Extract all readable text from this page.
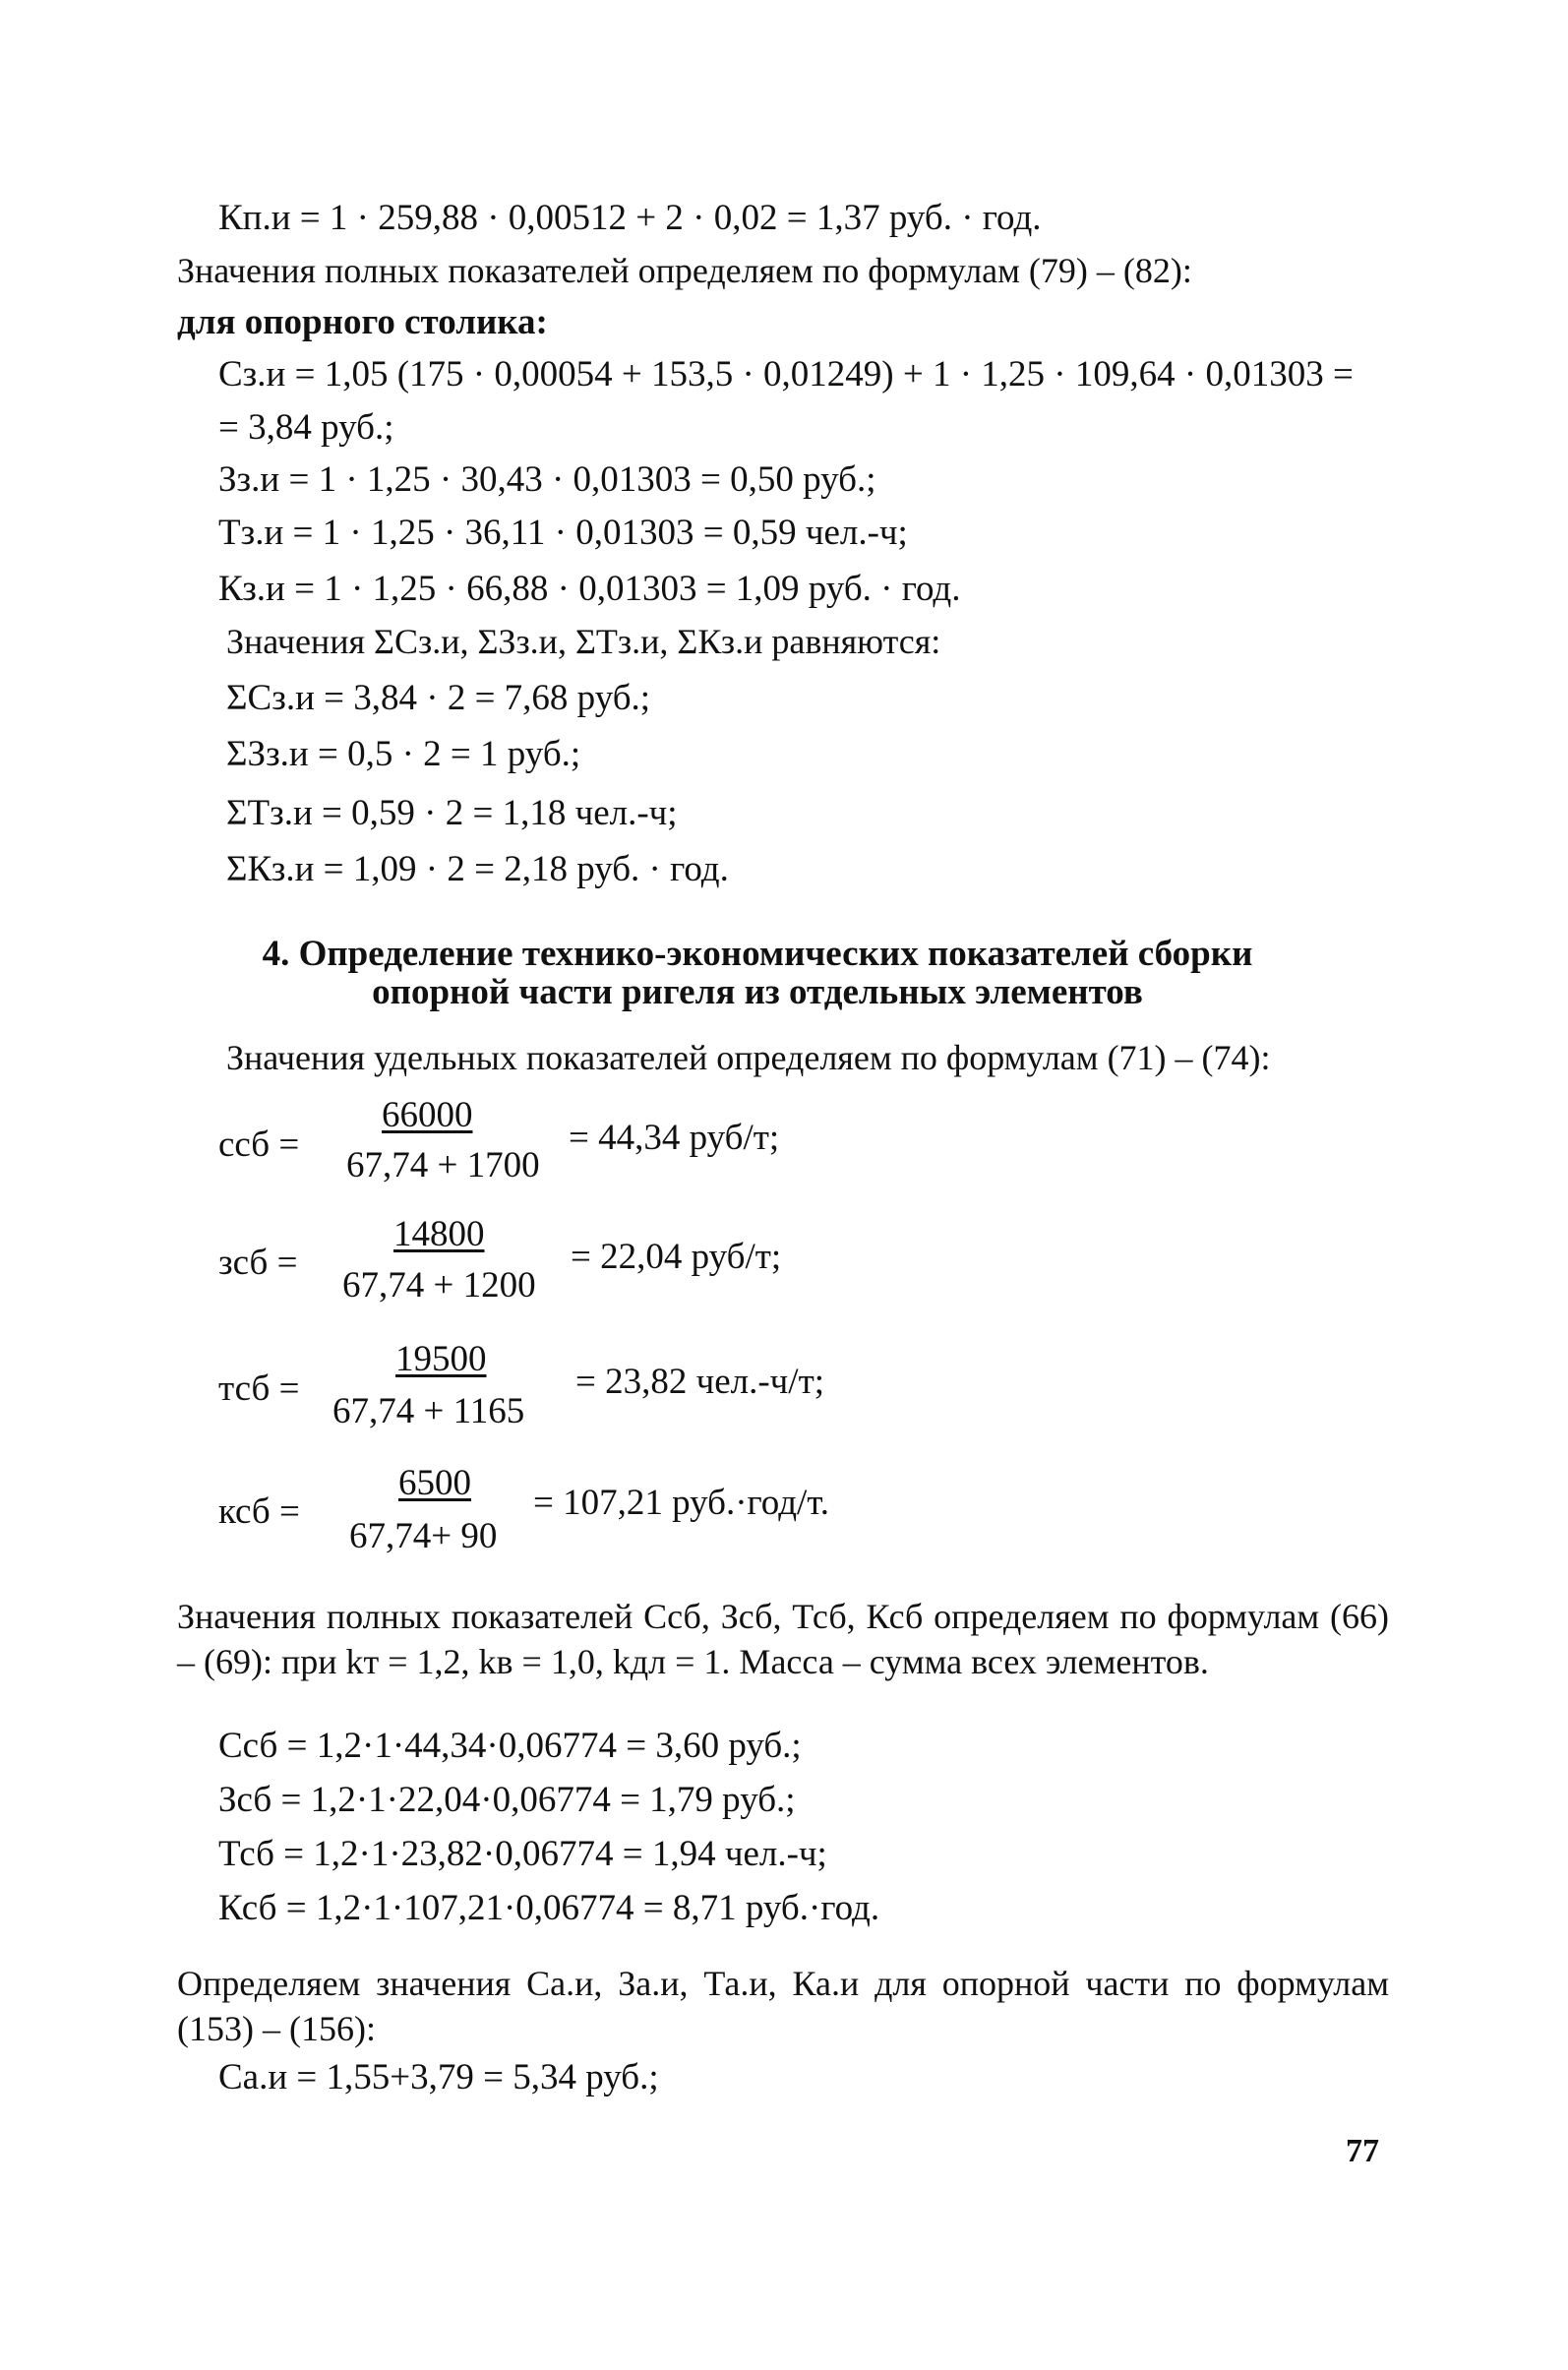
Кп.и = 1 · 259,88 · 0,00512 + 2 · 0,02 = 1,37 руб. · год.
Значения полных показателей определяем по формулам (79) – (82):
для опорного столика:
Cз.и = 1,05 (175 · 0,00054 + 153,5 · 0,01249) + 1 · 1,25 · 109,64 · 0,01303 =
= 3,84 руб.;
Зз.и = 1 · 1,25 · 30,43 · 0,01303 = 0,50 руб.;
Тз.и = 1 · 1,25 · 36,11 · 0,01303 = 0,59 чел.-ч;
Кз.и = 1 · 1,25 · 66,88 · 0,01303 = 1,09 руб. · год.
Значения ΣCз.и, ΣЗз.и, ΣТз.и, ΣКз.и равняются:
ΣCз.и = 3,84 · 2 = 7,68 руб.;
ΣЗз.и = 0,5 · 2 = 1 руб.;
ΣТз.и = 0,59 · 2 = 1,18 чел.-ч;
ΣКз.и = 1,09 · 2 = 2,18 руб. · год.
4. Определение технико-экономических показателей сборки
опорной части ригеля из отдельных элементов
Значения удельных показателей определяем по формулам (71) – (74):
cсб =
66000
67,74 + 1700
= 44,34 руб/т;
зсб =
14800
67,74 + 1200
= 22,04 руб/т;
тсб =
19500
67,74 + 1165
= 23,82 чел.-ч/т;
ксб =
6500
67,74+ 90
= 107,21 руб.·год/т.
Значения полных показателей Cсб, Зсб, Тсб, Ксб определяем по формулам (66) – (69): при kт = 1,2, kв = 1,0, kдл = 1. Масса – сумма всех элементов.
Cсб = 1,2·1·44,34·0,06774 = 3,60 руб.;
Зсб = 1,2·1·22,04·0,06774 = 1,79 руб.;
Тсб = 1,2·1·23,82·0,06774 = 1,94 чел.-ч;
Ксб = 1,2·1·107,21·0,06774 = 8,71 руб.·год.
Определяем значения Cа.и, За.и, Та.и, Ка.и для опорной части по формулам (153) – (156):
Cа.и = 1,55+3,79 = 5,34 руб.;
77
